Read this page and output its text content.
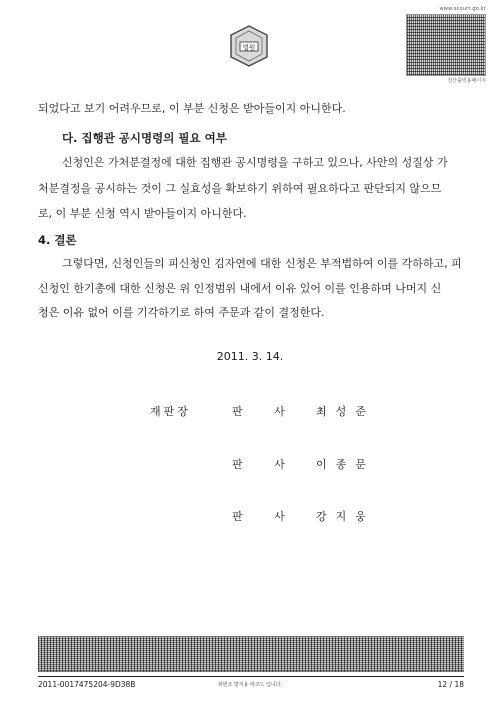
www.scourt.go.kr
전산출력용페이지
법원
되었다고 보기 어려우므로, 이 부분 신청은 받아들이지 아니한다.
다. 집행관 공시명령의 필요 여부
신청인은 가처분결정에 대한 집행관 공시명령을 구하고 있으나, 사안의 성질상 가
처분결정을 공시하는 것이 그 실효성을 확보하기 위하여 필요하다고 판단되지 않으므
로, 이 부분 신청 역시 받아들이지 아니한다.
4. 결론
그렇다면, 신청인들의 피신청인 김자연에 대한 신청은 부적법하여 이를 각하하고, 피
신청인 한기총에 대한 신청은 위 인정범위 내에서 이유 있어 이를 인용하며 나머지 신
청은 이유 없어 이를 기각하기로 하여 주문과 같이 결정한다.
2011. 3. 14.
재판장	판 사 최성준
판 사 이종문
판 사 강지웅
2011-0017475204-9D38B	위변조 방지용 바코드 입니다.	12 / 18
